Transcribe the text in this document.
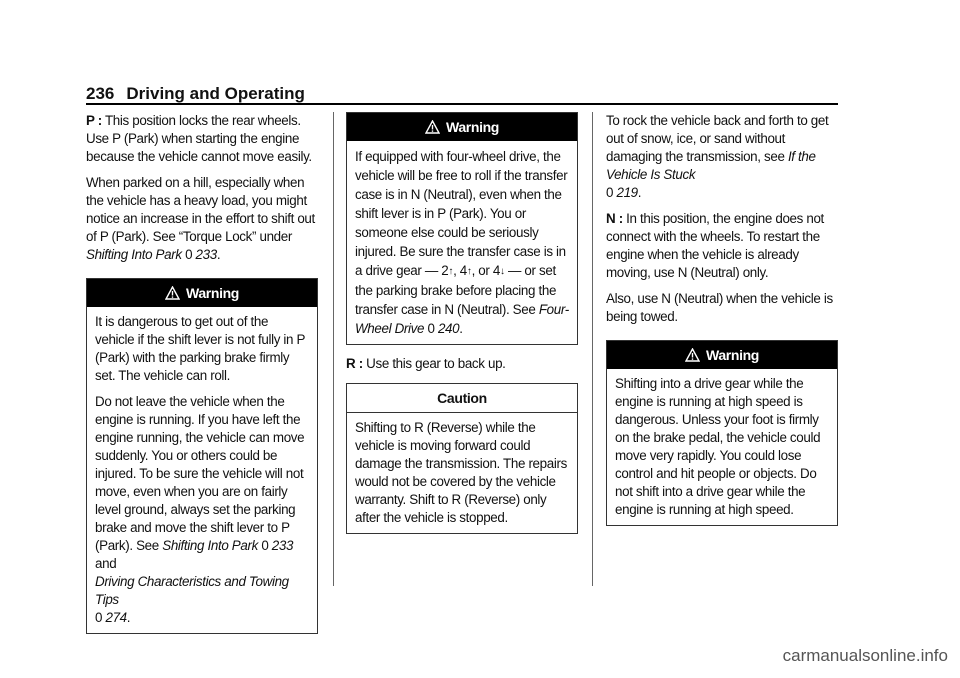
236 Driving and Operating

P : This position locks the rear wheels. Use P (Park) when starting the engine because the vehicle cannot move easily.

When parked on a hill, especially when the vehicle has a heavy load, you might notice an increase in the effort to shift out of P (Park). See “Torque Lock” under Shifting Into Park 0 233.

Warning

It is dangerous to get out of the vehicle if the shift lever is not fully in P (Park) with the parking brake firmly set. The vehicle can roll.

Do not leave the vehicle when the engine is running. If you have left the engine running, the vehicle can move suddenly. You or others could be injured. To be sure the vehicle will not move, even when you are on fairly level ground, always set the parking brake and move the shift lever to P (Park). See Shifting Into Park 0 233 and
Driving Characteristics and Towing Tips
0 274.

Warning

If equipped with four-wheel drive, the vehicle will be free to roll if the transfer case is in N (Neutral), even when the shift lever is in P (Park). You or someone else could be seriously injured. Be sure the transfer case is in a drive gear — 2↑, 4↑, or 4↓ — or set the parking brake before placing the transfer case in N (Neutral). See Four-Wheel Drive 0 240.

R : Use this gear to back up.

Caution

Shifting to R (Reverse) while the vehicle is moving forward could damage the transmission. The repairs would not be covered by the vehicle warranty. Shift to R (Reverse) only after the vehicle is stopped.

To rock the vehicle back and forth to get out of snow, ice, or sand without damaging the transmission, see If the Vehicle Is Stuck
0 219.

N : In this position, the engine does not connect with the wheels. To restart the engine when the vehicle is already moving, use N (Neutral) only.

Also, use N (Neutral) when the vehicle is being towed.

Warning

Shifting into a drive gear while the engine is running at high speed is dangerous. Unless your foot is firmly on the brake pedal, the vehicle could move very rapidly. You could lose control and hit people or objects. Do not shift into a drive gear while the engine is running at high speed.

carmanualsonline.info
